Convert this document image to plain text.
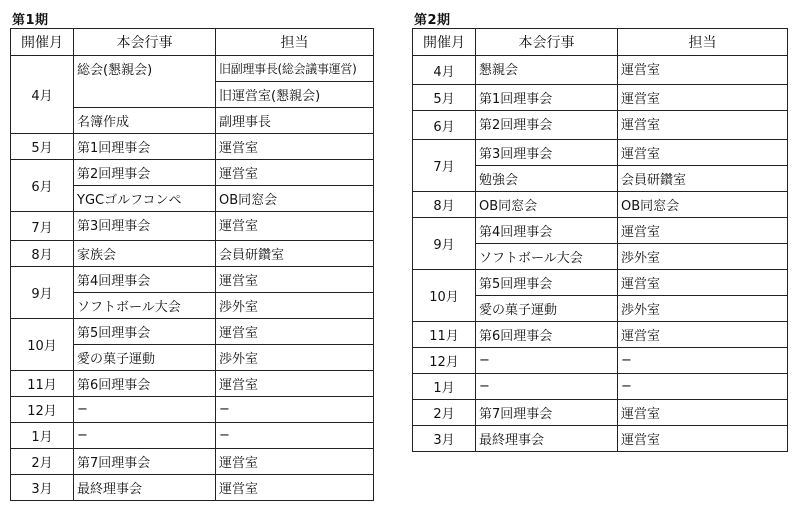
第1期
開催月	本会行事	担当
4月	総会(懇親会)	旧副理事長(総会議事運営)
		旧運営室(懇親会)
	名簿作成	副理事長
5月	第1回理事会	運営室
6月	第2回理事会	運営室
	YGCゴルフコンペ	OB同窓会
7月	第3回理事会	運営室

8月	家族会	会員研鑽室
9月	第4回理事会	運営室
	ソフトボール大会	渉外室
10月	第5回理事会	運営室
	愛の菓子運動	渉外室
11月	第6回理事会	運営室
12月	−	−
1月	−	−
2月	第7回理事会	運営室
3月	最終理事会	運営室
第2期
開催月	本会行事	担当
4月	懇親会	運営室

5月	第1回理事会	運営室
6月	第2回理事会	運営室

7月	第3回理事会	運営室
	勉強会	会員研鑽室
8月	OB同窓会	OB同窓会
9月	第4回理事会	運営室
	ソフトボール大会	渉外室
10月	第5回理事会	運営室
	愛の菓子運動	渉外室
11月	第6回理事会	運営室
12月	−	−
1月	−	−
2月	第7回理事会	運営室
3月	最終理事会	運営室
